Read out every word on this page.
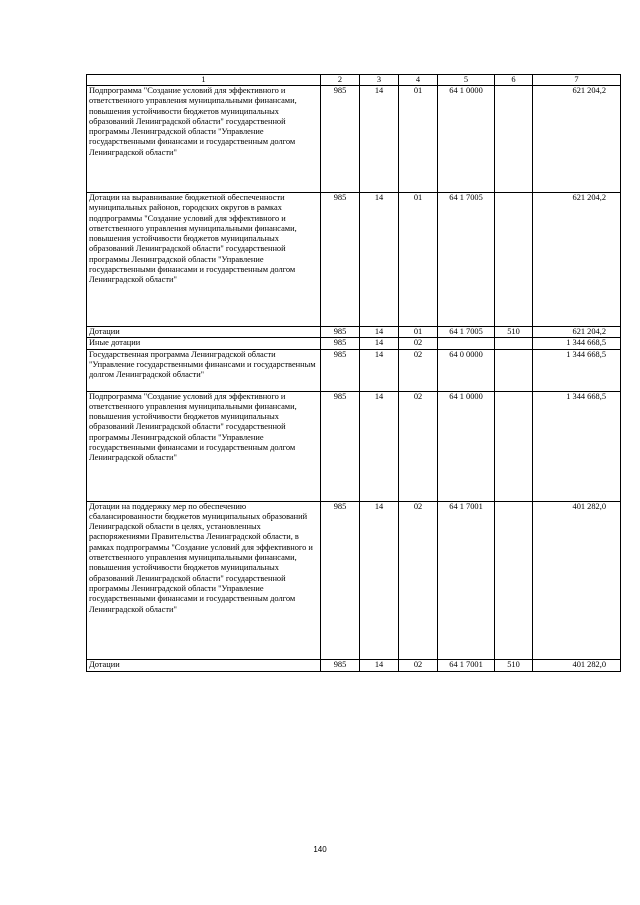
1	2	3	4	5	6	7
Подпрограмма "Создание условий для эффективного и ответственного управления муниципальными финансами, повышения устойчивости бюджетов муниципальных образований Ленинградской области" государственной программы Ленинградской области "Управление государственными финансами и государственным долгом Ленинградской области"	985	14	01	64 1 0000		621 204,2
Дотации на выравнивание бюджетной обеспеченности муниципальных районов, городских округов в рамках подпрограммы "Создание условий для эффективного и ответственного управления муниципальными финансами, повышения устойчивости бюджетов муниципальных образований Ленинградской области" государственной программы Ленинградской области "Управление государственными финансами и государственным долгом Ленинградской области"	985	14	01	64 1 7005		621 204,2
Дотации	985	14	01	64 1 7005	510	621 204,2
Иные дотации	985	14	02			1 344 668,5
Государственная программа Ленинградской области "Управление государственными финансами и государственным долгом Ленинградской области"	985	14	02	64 0 0000		1 344 668,5
Подпрограмма "Создание условий для эффективного и ответственного управления муниципальными финансами, повышения устойчивости бюджетов муниципальных образований Ленинградской области" государственной программы Ленинградской области "Управление государственными финансами и государственным долгом Ленинградской области"	985	14	02	64 1 0000		1 344 668,5
Дотации на поддержку мер по обеспечению сбалансированности бюджетов муниципальных образований Ленинградской области в целях, установленных распоряжениями Правительства Ленинградской области, в рамках подпрограммы "Создание условий для эффективного и ответственного управления муниципальными финансами, повышения устойчивости бюджетов муниципальных образований Ленинградской области" государственной программы Ленинградской области "Управление государственными финансами и государственным долгом Ленинградской области"	985	14	02	64 1 7001		401 282,0
Дотации	985	14	02	64 1 7001	510	401 282,0
140
